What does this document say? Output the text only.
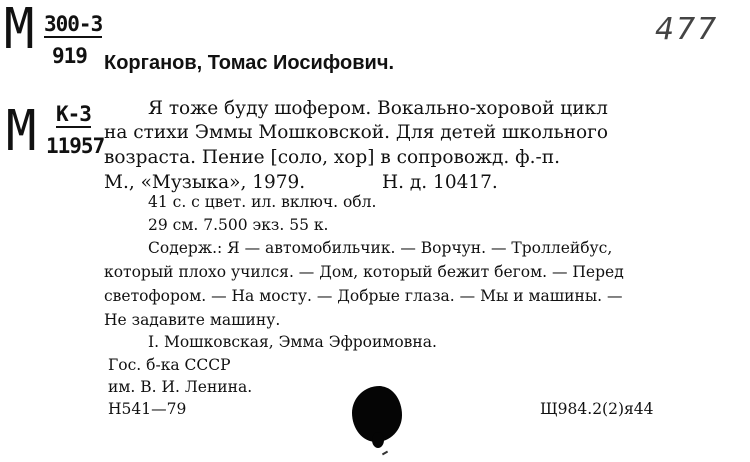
М 300-3
919
М К-3
11957
477
Корганов, Томас Иосифович.
Я тоже буду шофером. Вокально-хоровой цикл
на стихи Эммы Мошковской. Для детей школьного
возраста. Пение [соло, хор] в сопровожд. ф.-п.
М., «Музыка», 1979.	Н. д. 10417.
41 с. с цвет. ил. включ. обл.
29 см. 7.500 экз. 55 к.
Содерж.: Я — автомобильчик. — Ворчун. — Троллейбус,
который плохо учился. — Дом, который бежит бегом. — Перед
светофором. — На мосту. — Добрые глаза. — Мы и машины. —
Не задавите машину.
I. Мошковская, Эмма Эфроимовна.
Гос. б-ка СССР
им. В. И. Ленина.
Н541—79	Щ984.2(2)я44
